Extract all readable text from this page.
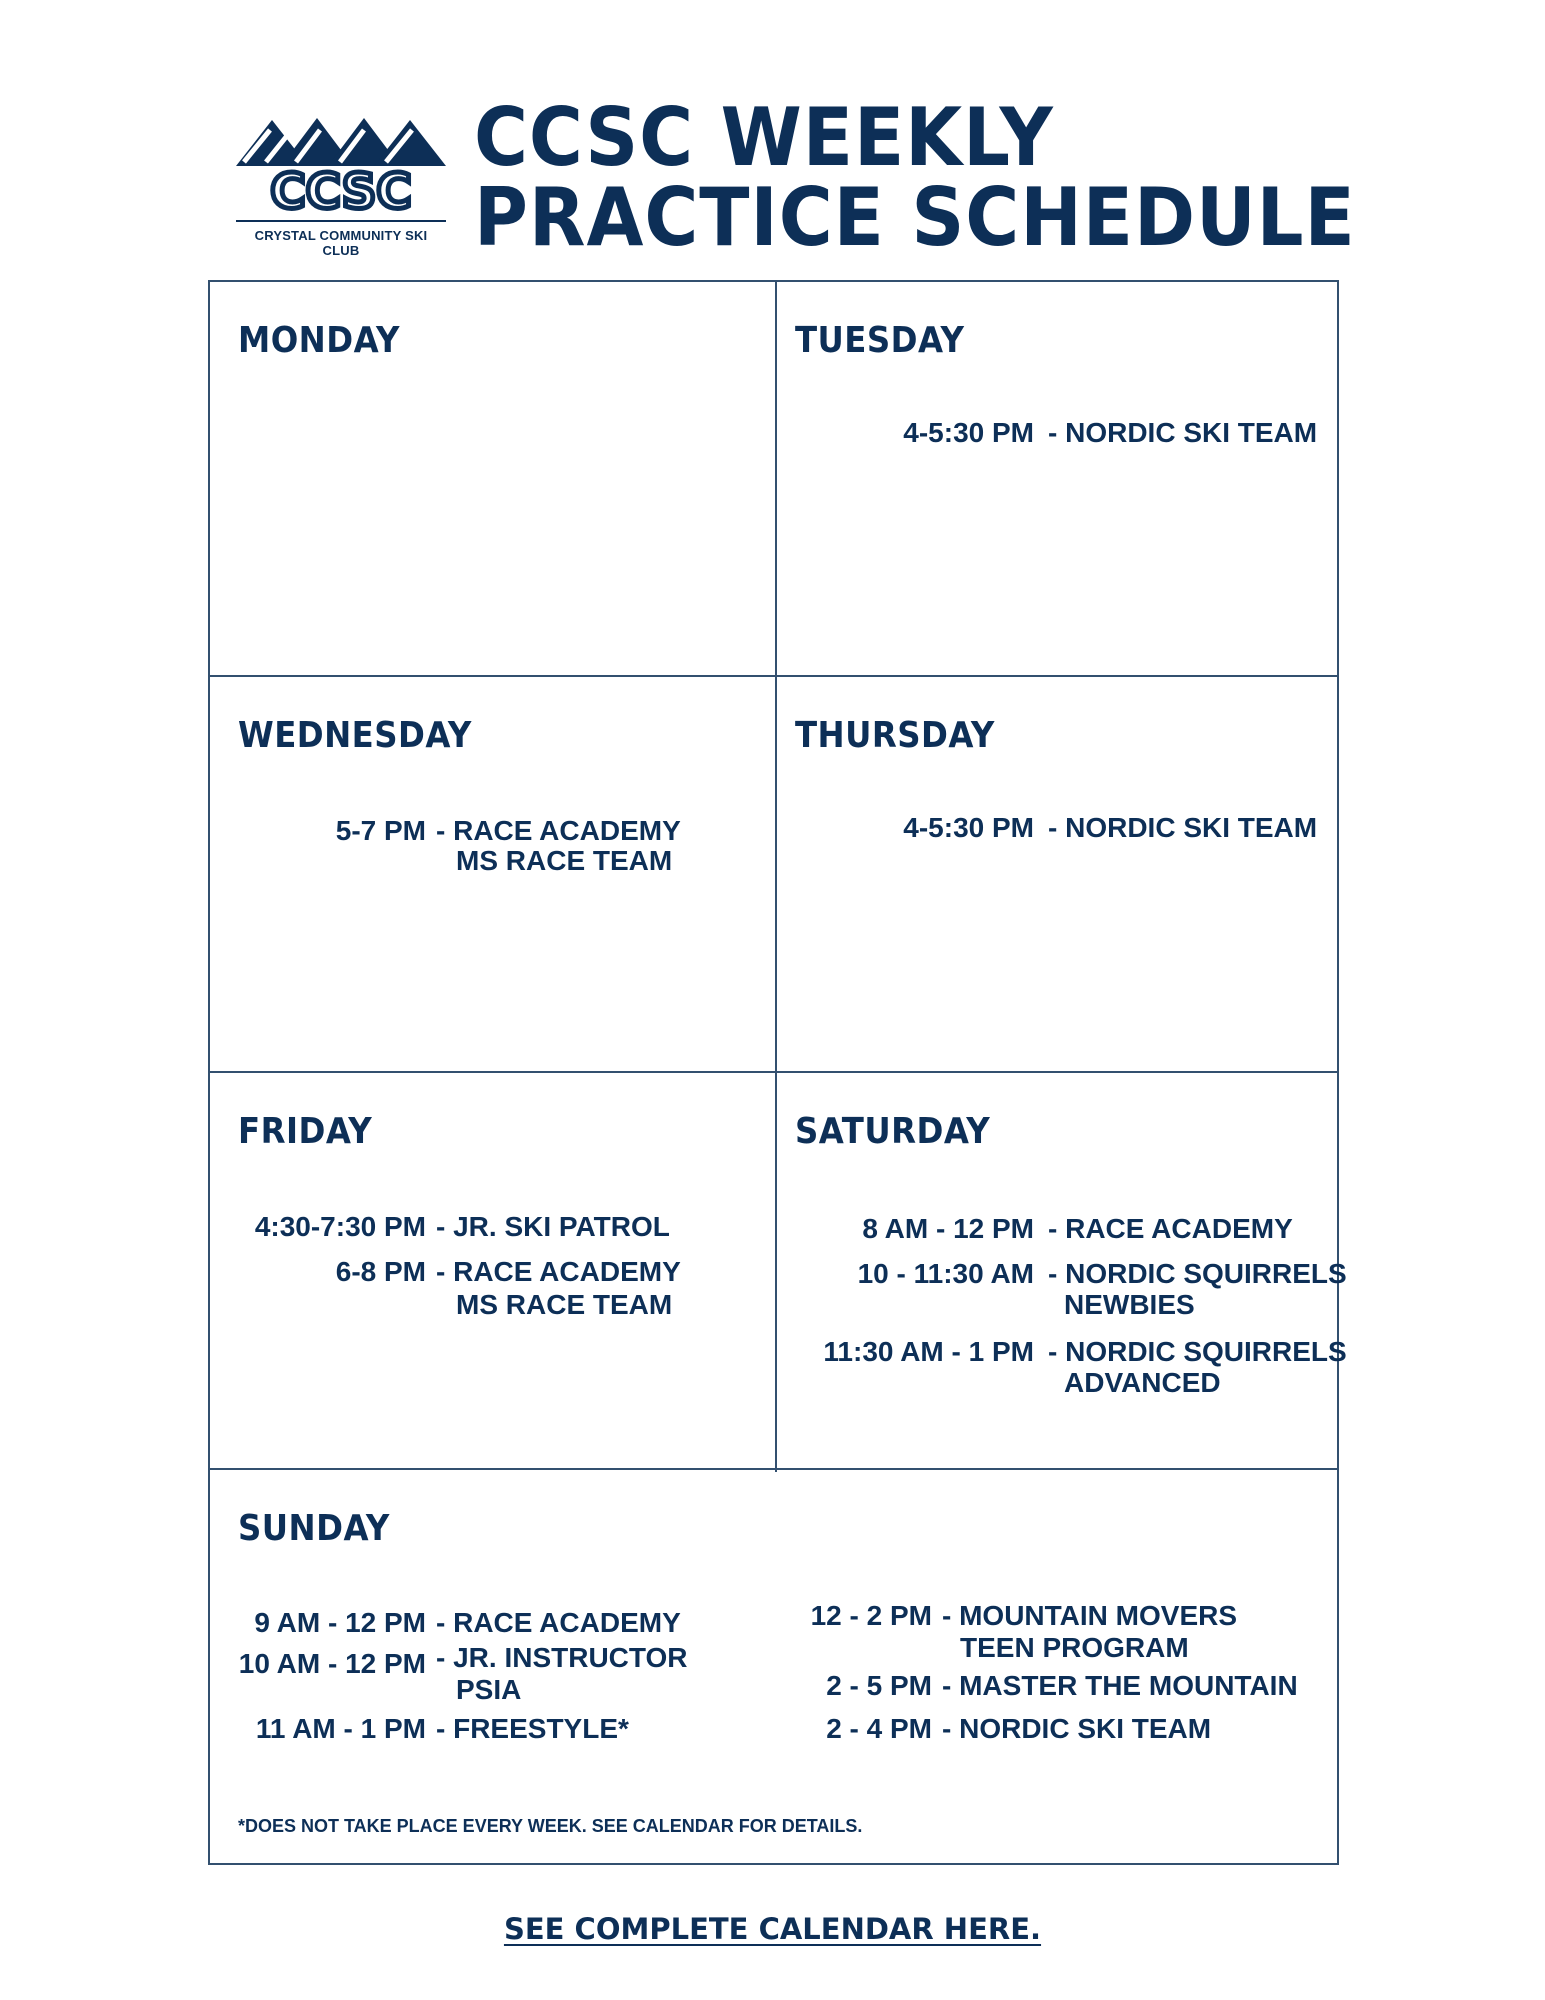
CCSC
CRYSTAL COMMUNITY SKI CLUB
CCSC WEEKLY
PRACTICE SCHEDULE
MONDAY	TUESDAY
4-5:30 PM - NORDIC SKI TEAM
WEDNESDAY
5-7 PM - RACE ACADEMY
MS RACE TEAM
THURSDAY
4-5:30 PM - NORDIC SKI TEAM
FRIDAY
4:30-7:30 PM - JR. SKI PATROL
6-8 PM - RACE ACADEMY
MS RACE TEAM
SATURDAY
8 AM - 12 PM - RACE ACADEMY
10 - 11:30 AM - NORDIC SQUIRRELS
NEWBIES
11:30 AM - 1 PM - NORDIC SQUIRRELS
ADVANCED
SUNDAY
9 AM - 12 PM - RACE ACADEMY
10 AM - 12 PM - JR. INSTRUCTOR
PSIA
11 AM - 1 PM - FREESTYLE*
12 - 2 PM - MOUNTAIN MOVERS
TEEN PROGRAM
2 - 5 PM - MASTER THE MOUNTAIN
2 - 4 PM - NORDIC SKI TEAM
*DOES NOT TAKE PLACE EVERY WEEK. SEE CALENDAR FOR DETAILS.
SEE COMPLETE CALENDAR HERE.
